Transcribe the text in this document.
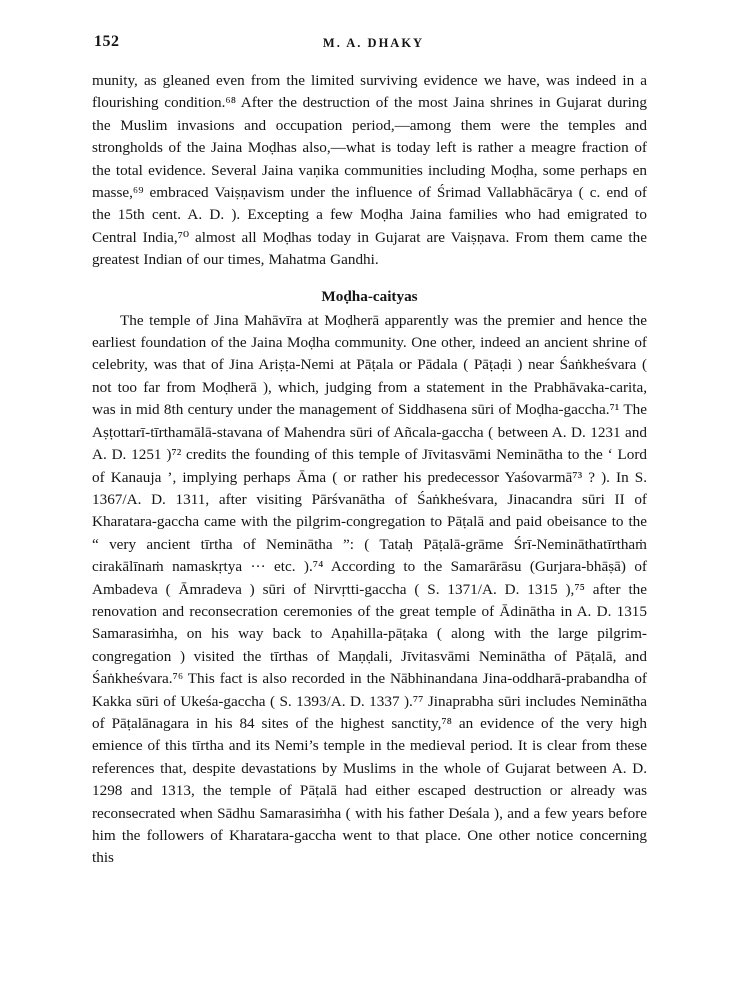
152	M. A. DHAKY

munity, as gleaned even from the limited surviving evidence we have, was indeed in a flourishing condition.⁶⁸ After the destruction of the most Jaina shrines in Gujarat during the Muslim invasions and occupation period,—among them were the temples and strongholds of the Jaina Moḍhas also,—what is today left is rather a meagre fraction of the total evidence. Several Jaina vaṇika communities including Moḍha, some perhaps en masse,⁶⁹ embraced Vaiṣṇavism under the influence of Śrimad Vallabhācārya ( c. end of the 15th cent. A. D. ). Excepting a few Moḍha Jaina families who had emigrated to Central India,⁷⁰ almost all Moḍhas today in Gujarat are Vaiṣṇava. From them came the greatest Indian of our times, Mahatma Gandhi.

Moḍha-caityas

The temple of Jina Mahāvīra at Moḍherā apparently was the premier and hence the earliest foundation of the Jaina Moḍha community. One other, indeed an ancient shrine of celebrity, was that of Jina Ariṣṭa-Nemi at Pāṭala or Pādala ( Pāṭaḍi ) near Śaṅkheśvara ( not too far from Moḍherā ), which, judging from a statement in the Prabhāvaka-carita, was in mid 8th century under the management of Siddhasena sūri of Moḍha-gaccha.⁷¹ The Aṣṭottarī-tīrthamālā-stavana of Mahendra sūri of Añcala-gaccha ( between A. D. 1231 and A. D. 1251 )⁷² credits the founding of this temple of Jīvitasvāmi Neminātha to the ‘ Lord of Kanauja ’, implying perhaps Āma ( or rather his predecessor Yaśovarmā⁷³ ? ). In S. 1367/A. D. 1311, after visiting Pārśvanātha of Śaṅkheśvara, Jinacandra sūri II of Kharatara-gaccha came with the pilgrim-congregation to Pāṭalā and paid obeisance to the “ very ancient tīrtha of Neminātha ”: ( Tataḥ Pāṭalā-grāme Śrī-Nemināthatīrthaṁ cirakālīnaṁ namaskṛtya ··· etc. ).⁷⁴ According to the Samarārāsu (Gurjara-bhāṣā) of Ambadeva ( Āmradeva ) sūri of Nirvṛtti-gaccha ( S. 1371/A. D. 1315 ),⁷⁵ after the renovation and reconsecration ceremonies of the great temple of Ādinātha in A. D. 1315 Samarasiṁha, on his way back to Aṇahilla-pāṭaka ( along with the large pilgrim-congregation ) visited the tīrthas of Maṇḍali, Jīvitasvāmi Neminātha of Pāṭalā, and Śaṅkheśvara.⁷⁶ This fact is also recorded in the Nābhinandana Jina-oddharā-prabandha of Kakka sūri of Ukeśa-gaccha ( S. 1393/A. D. 1337 ).⁷⁷ Jinaprabha sūri includes Neminātha of Pāṭalānagara in his 84 sites of the highest sanctity,⁷⁸ an evidence of the very high emience of this tīrtha and its Nemi’s temple in the medieval period. It is clear from these references that, despite devastations by Muslims in the whole of Gujarat between A. D. 1298 and 1313, the temple of Pāṭalā had either escaped destruction or already was reconsecrated when Sādhu Samarasiṁha ( with his father Deśala ), and a few years before him the followers of Kharatara-gaccha went to that place. One other notice concerning this
